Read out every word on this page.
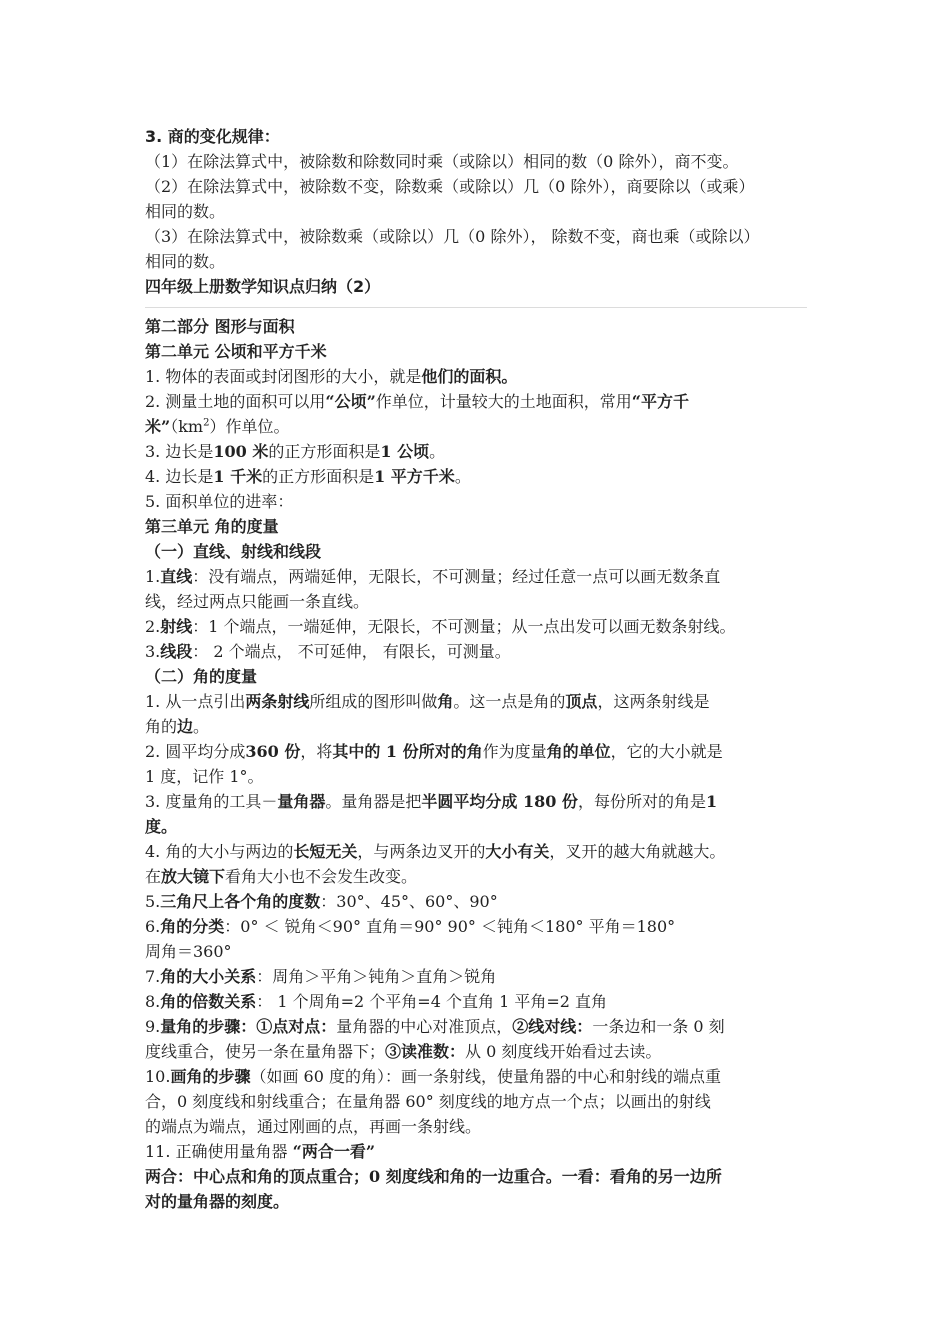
3. 商的变化规律：
（1）在除法算式中，被除数和除数同时乘（或除以）相同的数（0 除外），商不变。
（2）在除法算式中，被除数不变，除数乘（或除以）几（0 除外），商要除以（或乘）
相同的数。
（3）在除法算式中，被除数乘（或除以）几（0 除外）， 除数不变，商也乘（或除以）
相同的数。
四年级上册数学知识点归纳（2）
第二部分 图形与面积
第二单元 公顷和平方千米
1. 物体的表面或封闭图形的大小，就是他们的面积。
2. 测量土地的面积可以用“公顷”作单位，计量较大的土地面积，常用“平方千
米$”(km^2)$作单位。
3. 边长是100 米的正方形面积是1 公顷。
4. 边长是1 千米的正方形面积是1 平方千米。
5. 面积单位的进率：
第三单元 角的度量
（一）直线、射线和线段
1.直线：没有端点，两端延伸，无限长，不可测量；经过任意一点可以画无数条直
线，经过两点只能画一条直线。
2.射线：1 个端点，一端延伸，无限长，不可测量；从一点出发可以画无数条射线。
3.线段： 2 个端点， 不可延伸， 有限长，可测量。
（二）角的度量
1. 从一点引出两条射线所组成的图形叫做角。这一点是角的顶点，这两条射线是
角的边。
2. 圆平均分成360 份，将其中的 1 份所对的角作为度量角的单位，它的大小就是
1 度，记作 1°。
3. 度量角的工具－量角器。量角器是把半圆平均分成 180 份，每份所对的角是1
度。
4. 角的大小与两边的长短无关，与两条边叉开的大小有关，叉开的越大角就越大。
在放大镜下看角大小也不会发生改变。
5.三角尺上各个角的度数：30°、45°、60°、90°
6.角的分类：0° ＜ 锐角＜90° 直角＝90° 90° ＜钝角＜180° 平角＝180°
周角＝360°
7.角的大小关系：周角＞平角＞钝角＞直角＞锐角
8.角的倍数关系： 1 个周角=2 个平角=4 个直角 1 平角=2 直角
9.量角的步骤：①点对点：量角器的中心对准顶点，②线对线：一条边和一条 0 刻
度线重合，使另一条在量角器下；③读准数：从 0 刻度线开始看过去读。
10.画角的步骤（如画 60 度的角）：画一条射线，使量角器的中心和射线的端点重
合，0 刻度线和射线重合；在量角器 60° 刻度线的地方点一个点；以画出的射线
的端点为端点，通过刚画的点，再画一条射线。
11. 正确使用量角器 “两合一看”
两合：中心点和角的顶点重合；0 刻度线和角的一边重合。一看：看角的另一边所
对的量角器的刻度。
